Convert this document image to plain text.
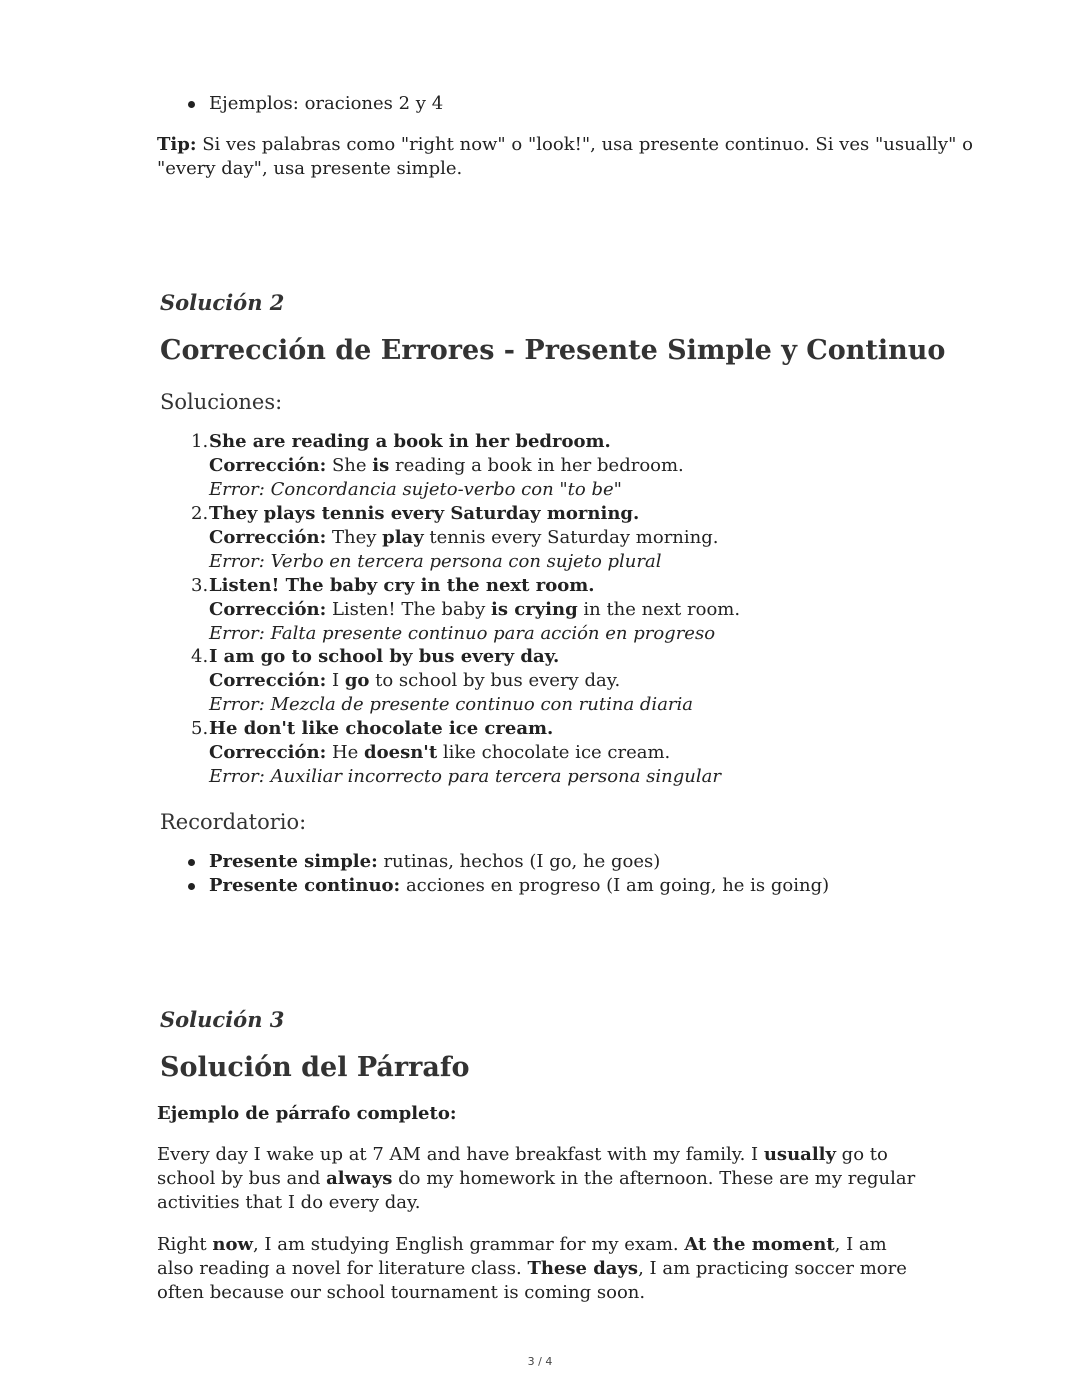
Ejemplos: oraciones 2 y 4
Tip: Si ves palabras como "right now" o "look!", usa presente continuo. Si ves "usually" o
"every day", usa presente simple.
Solución 2
Corrección de Errores - Presente Simple y Continuo
Soluciones:
1. She are reading a book in her bedroom.
Corrección: She is reading a book in her bedroom.
Error: Concordancia sujeto-verbo con "to be"
2. They plays tennis every Saturday morning.
Corrección: They play tennis every Saturday morning.
Error: Verbo en tercera persona con sujeto plural
3. Listen! The baby cry in the next room.
Corrección: Listen! The baby is crying in the next room.
Error: Falta presente continuo para acción en progreso
4. I am go to school by bus every day.
Corrección: I go to school by bus every day.
Error: Mezcla de presente continuo con rutina diaria
5. He don't like chocolate ice cream.
Corrección: He doesn't like chocolate ice cream.
Error: Auxiliar incorrecto para tercera persona singular
Recordatorio:
Presente simple: rutinas, hechos (I go, he goes)
Presente continuo: acciones en progreso (I am going, he is going)
Solución 3
Solución del Párrafo
Ejemplo de párrafo completo:
Every day I wake up at 7 AM and have breakfast with my family. I usually go to school by bus and always do my homework in the afternoon. These are my regular activities that I do every day.
Right now, I am studying English grammar for my exam. At the moment, I am also reading a novel for literature class. These days, I am practicing soccer more often because our school tournament is coming soon.
3 / 4
